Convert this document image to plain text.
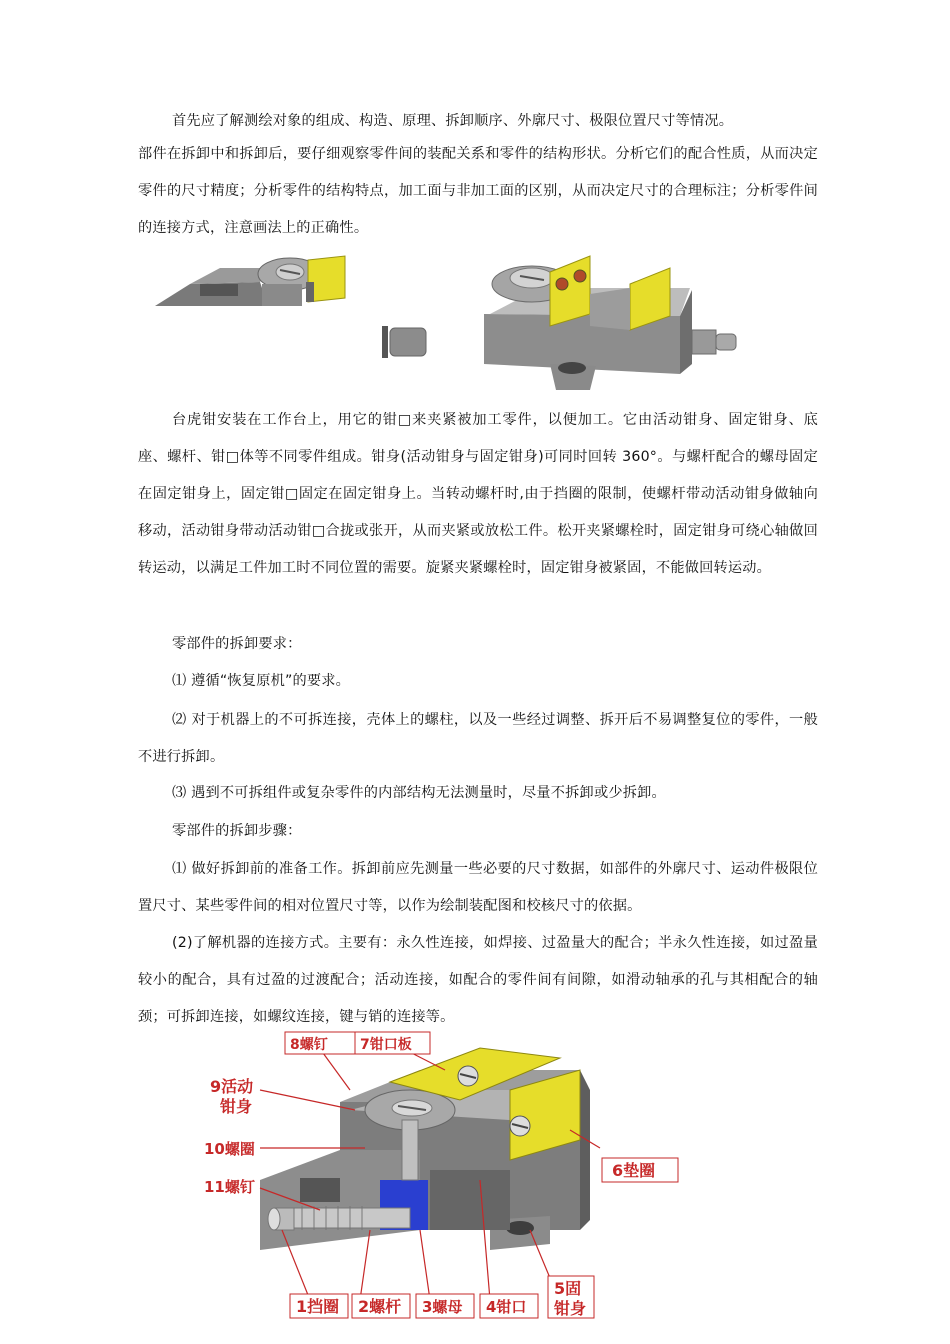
首先应了解测绘对象的组成、构造、原理、拆卸顺序、外廓尺寸、极限位置尺寸等情况。

部件在拆卸中和拆卸后，要仔细观察零件间的装配关系和零件的结构形状。分析它们的配合性质，从而决定零件的尺寸精度；分析零件的结构特点，加工面与非加工面的区别，从而决定尺寸的合理标注；分析零件间的连接方式，注意画法上的正确性。

台虎钳安装在工作台上，用它的钳□来夹紧被加工零件，以便加工。它由活动钳身、固定钳身、底座、螺杆、钳□体等不同零件组成。钳身(活动钳身与固定钳身)可同时回转 360°。与螺杆配合的螺母固定在固定钳身上，固定钳□固定在固定钳身上。当转动螺杆时,由于挡圈的限制，使螺杆带动活动钳身做轴向移动，活动钳身带动活动钳□合拢或张开，从而夹紧或放松工件。松开夹紧螺栓时，固定钳身可绕心轴做回转运动，以满足工件加工时不同位置的需要。旋紧夹紧螺栓时，固定钳身被紧固，不能做回转运动。

零部件的拆卸要求：

⑴ 遵循“恢复原机”的要求。

⑵ 对于机器上的不可拆连接，壳体上的螺柱，以及一些经过调整、拆开后不易调整复位的零件，一般不进行拆卸。

⑶ 遇到不可拆组件或复杂零件的内部结构无法测量时，尽量不拆卸或少拆卸。

零部件的拆卸步骤：

⑴ 做好拆卸前的准备工作。拆卸前应先测量一些必要的尺寸数据，如部件的外廓尺寸、运动件极限位置尺寸、某些零件间的相对位置尺寸等，以作为绘制装配图和校核尺寸的依据。

(2)了解机器的连接方式。主要有：永久性连接，如焊接、过盈量大的配合；半永久性连接，如过盈量较小的配合，具有过盈的过渡配合；活动连接，如配合的零件间有间隙，如滑动轴承的孔与其相配合的轴颈；可拆卸连接，如螺纹连接，键与销的连接等。

9活动
钳身
10螺圈
11螺钉
6垫圈
1挡圈 2螺杆 3螺母 4钳口
5固
钳身
8螺钉 7钳口板
